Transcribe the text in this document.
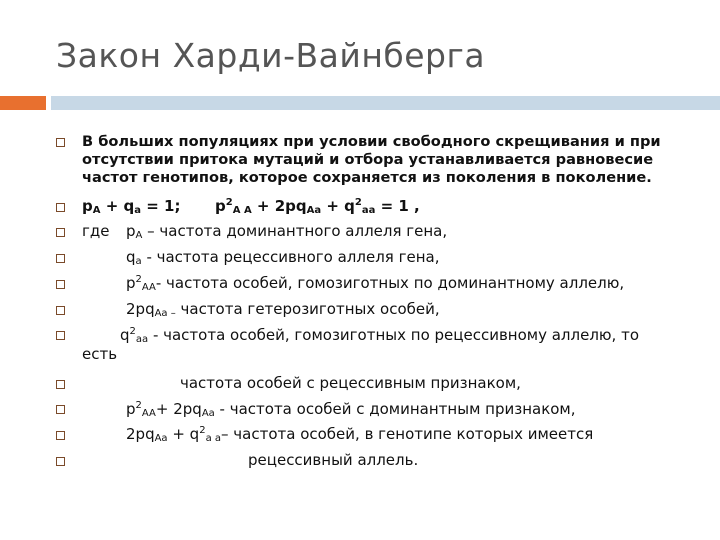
Закон Харди-Вайнберга
В больших популяциях при условии свободного скрещивания и при
отсутствии притока мутаций и отбора устанавливается равновесие
частот генотипов, которое сохраняется из поколения в поколение.
$p_A + q_a = 1$; $p^2_{A A} + 2pq_{Aa} + q^2_{aa} = 1$ ,
где $p_A$ – частота доминантного аллеля гена,
$q_a$ - частота рецессивного аллеля гена,
$p^2_{AA}-$ частота особей, гомозиготных по доминантному аллелю,
$2pq_{Aa -}$ частота гетерозиготных особей,
$q^2_{aa}$ - частота особей, гомозиготных по рецессивному аллелю, то
есть
частота особей с рецессивным признаком,
$p^2_{AA}+ 2pq_{Aa}$ - частота особей с доминантным признаком,
$2pq_{Aa} + q^2_{a a}-$ частота особей, в генотипе которых имеется
рецессивный аллель.
